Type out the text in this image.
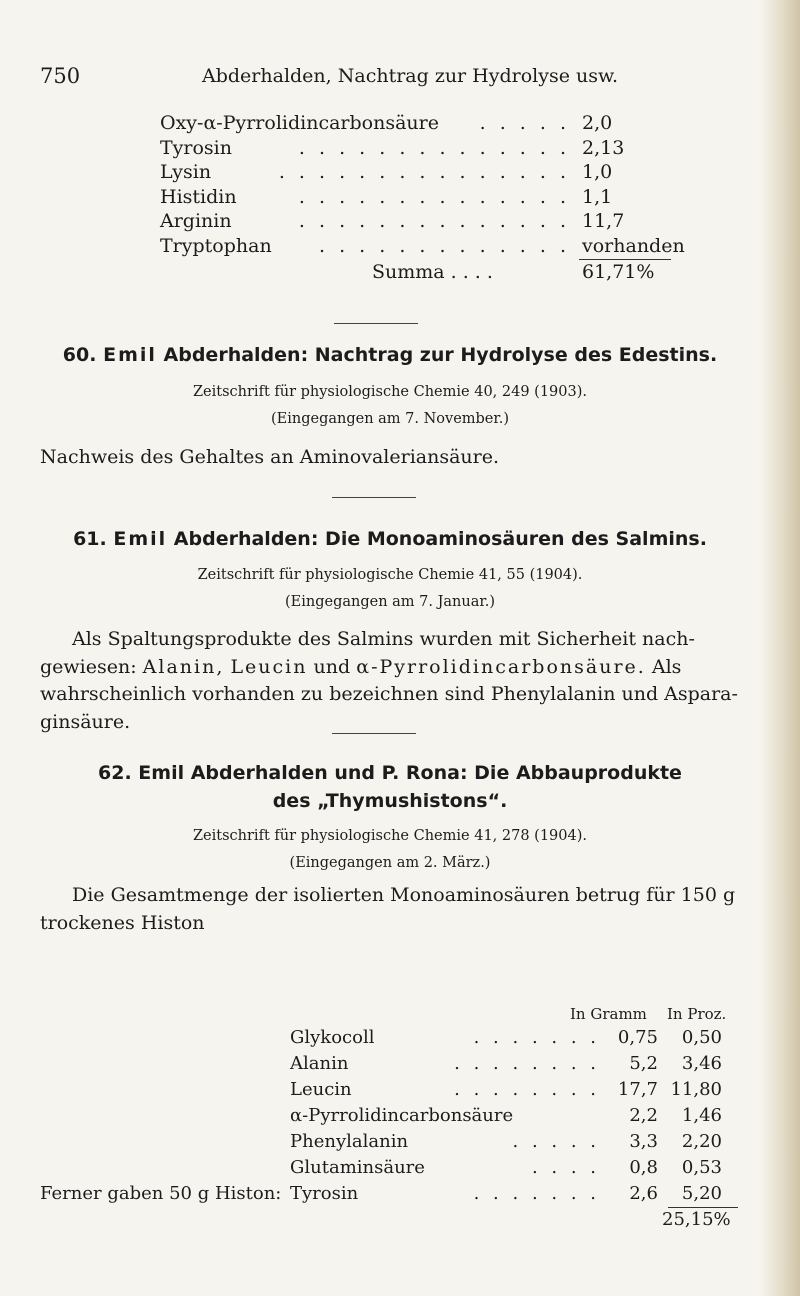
750	Abderhalden, Nachtrag zur Hydrolyse usw.
. . . . .
Oxy-α-Pyrrolidincarbonsäure	2,0
. . . . . . . . . . . . . .
Tyrosin	2,13
. . . . . . . . . . . . . . .
Lysin	1,0
. . . . . . . . . . . . . .
Histidin	1,1
. . . . . . . . . . . . . .
Arginin	11,7
. . . . . . . . . . . . .
Tryptophan	vorhanden
Summa . . . .	61,71%
60. Emil Abderhalden: Nachtrag zur Hydrolyse des Edestins.
Zeitschrift für physiologische Chemie 40, 249 (1903).
(Eingegangen am 7. November.)
Nachweis des Gehaltes an Aminovaleriansäure.
61. Emil Abderhalden: Die Monoaminosäuren des Salmins.
Zeitschrift für physiologische Chemie 41, 55 (1904).
(Eingegangen am 7. Januar.)
Als Spaltungsprodukte des Salmins wurden mit Sicherheit nach-gewiesen: Alanin, Leucin und α-Pyrrolidincarbonsäure. Als wahrscheinlich vorhanden zu bezeichnen sind Phenylalanin und Aspara-ginsäure.
62. Emil Abderhalden und P. Rona: Die Abbauprodukte
des „Thymushistons“.
Zeitschrift für physiologische Chemie 41, 278 (1904).
(Eingegangen am 2. März.)
Die Gesamtmenge der isolierten Monoaminosäuren betrug für 150 g trockenes Histon
In Gramm In Proz.
. . . . . . .
Glykocoll	0,75	0,50
. . . . . . . .
Alanin	5,2	3,46
. . . . . . . .
Leucin	17,7 11,80
α-Pyrrolidincarbonsäure	2,2	1,46
. . . . .
Phenylalanin	3,3	2,20
. . . .
Glutaminsäure	0,8	0,53
Ferner gaben 50 g Histon:	. . . . . . .
Tyrosin	2,6	5,20
25,15%
